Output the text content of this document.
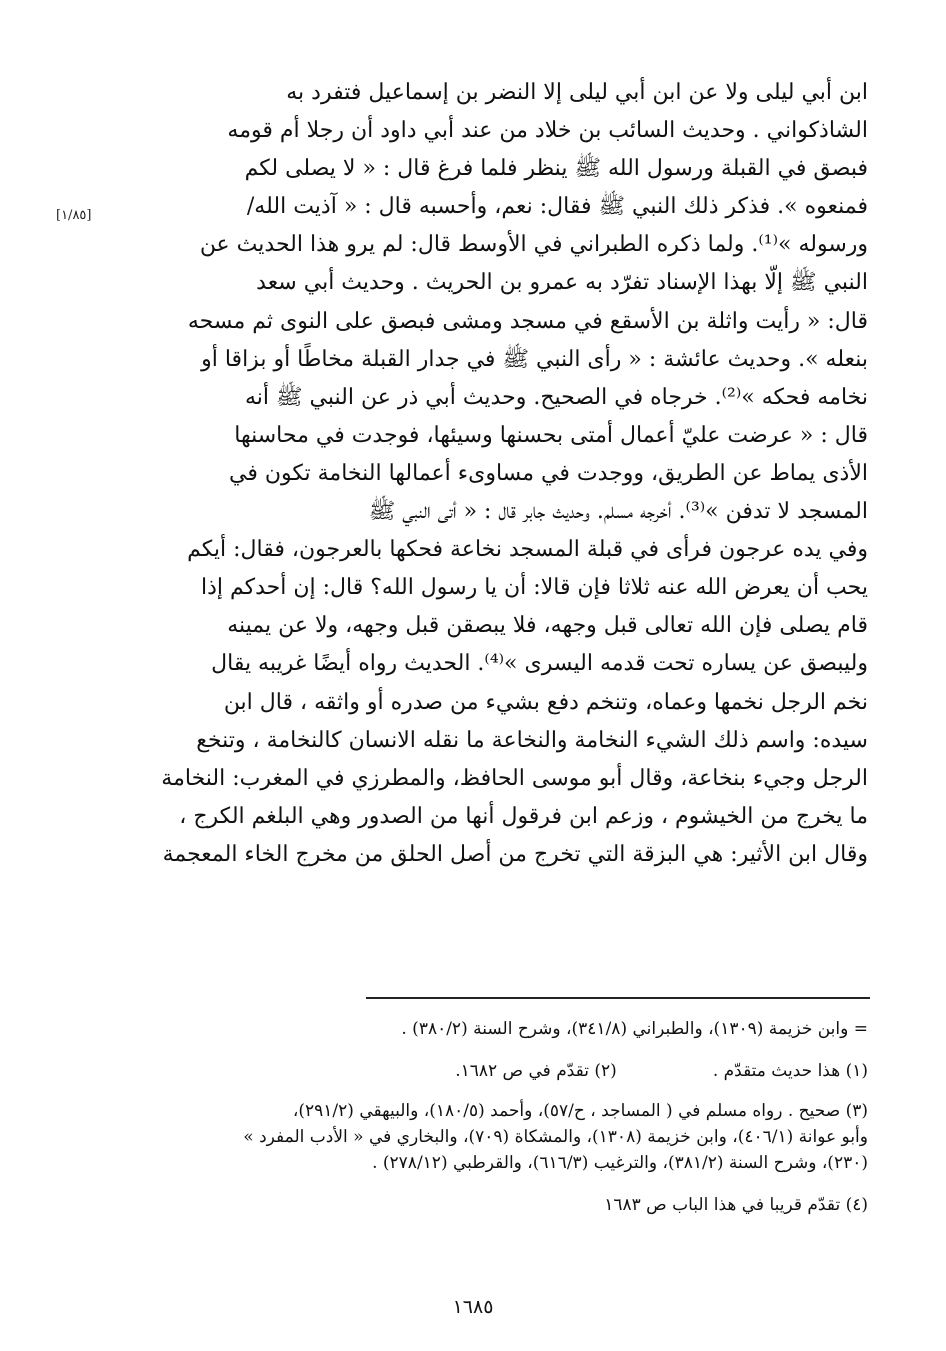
ابن أبي ليلى ولا عن ابن أبي ليلى إلا النضر بن إسماعيل فتفرد به
الشاذكواني . وحديث السائب بن خلاد من عند أبي داود أن رجلا أم قومه
فبصق في القبلة ورسول الله ﷺ ينظر فلما فرغ قال : « لا يصلى لكم
فمنعوه ». فذكر ذلك النبي ﷺ فقال: نعم، وأحسبه قال : « آذيت الله/
ورسوله »⁽¹⁾. ولما ذكره الطبراني في الأوسط قال: لم يرو هذا الحديث عن
النبي ﷺ إلّا بهذا الإسناد تفرّد به عمرو بن الحريث . وحديث أبي سعد
قال: « رأيت واثلة بن الأسقع في مسجد ومشى فبصق على النوى ثم مسحه
بنعله ». وحديث عائشة : « رأى النبي ﷺ في جدار القبلة مخاطًا أو بزاقا أو
نخامه فحكه »⁽²⁾. خرجاه في الصحيح. وحديث أبي ذر عن النبي ﷺ أنه
قال : « عرضت عليّ أعمال أمتى بحسنها وسيئها، فوجدت في محاسنها
الأذى يماط عن الطريق، ووجدت في مساوىء أعمالها النخامة تكون في
المسجد لا تدفن »⁽³⁾. أخرجه مسلم. وحديث جابر قال : « أتى النبي ﷺ
وفي يده عرجون فرأى في قبلة المسجد نخاعة فحكها بالعرجون، فقال: أيكم
يحب أن يعرض الله عنه ثلاثا فإن قالا: أن يا رسول الله؟ قال: إن أحدكم إذا
قام يصلى فإن الله تعالى قبل وجهه، فلا يبصقن قبل وجهه، ولا عن يمينه
وليبصق عن يساره تحت قدمه اليسرى »⁽⁴⁾. الحديث رواه أيضًا غريبه يقال
نخم الرجل نخمها وعماه، وتنخم دفع بشيء من صدره أو واثقه ، قال ابن
سيده: واسم ذلك الشيء النخامة والنخاعة ما نقله الانسان كالنخامة ، وتنخع
الرجل وجيء بنخاعة، وقال أبو موسى الحافظ، والمطرزي في المغرب: النخامة
ما يخرج من الخيشوم ، وزعم ابن فرقول أنها من الصدور وهي البلغم الكرج ،
وقال ابن الأثير: هي البزقة التي تخرج من أصل الحلق من مخرج الخاء المعجمة
[١/٨٥]
= وابن خزيمة (١٣٠٩)، والطبراني (٣٤١/٨)، وشرح السنة (٣٨٠/٢) .
(١) هذا حديث متقدّم .
(٢) تقدّم في ص ١٦٨٢.
(٣) صحيح . رواه مسلم في ( المساجد ، ح/٥٧)، وأحمد (١٨٠/٥)، والبيهقي (٢٩١/٢)،
وأبو عوانة (٤٠٦/١)، وابن خزيمة (١٣٠٨)، والمشكاة (٧٠٩)، والبخاري في « الأدب المفرد »
(٢٣٠)، وشرح السنة (٣٨١/٢)، والترغيب (٦١٦/٣)، والقرطبي (٢٧٨/١٢) .
(٤) تقدّم قريبا في هذا الباب ص ١٦٨٣
١٦٨٥
